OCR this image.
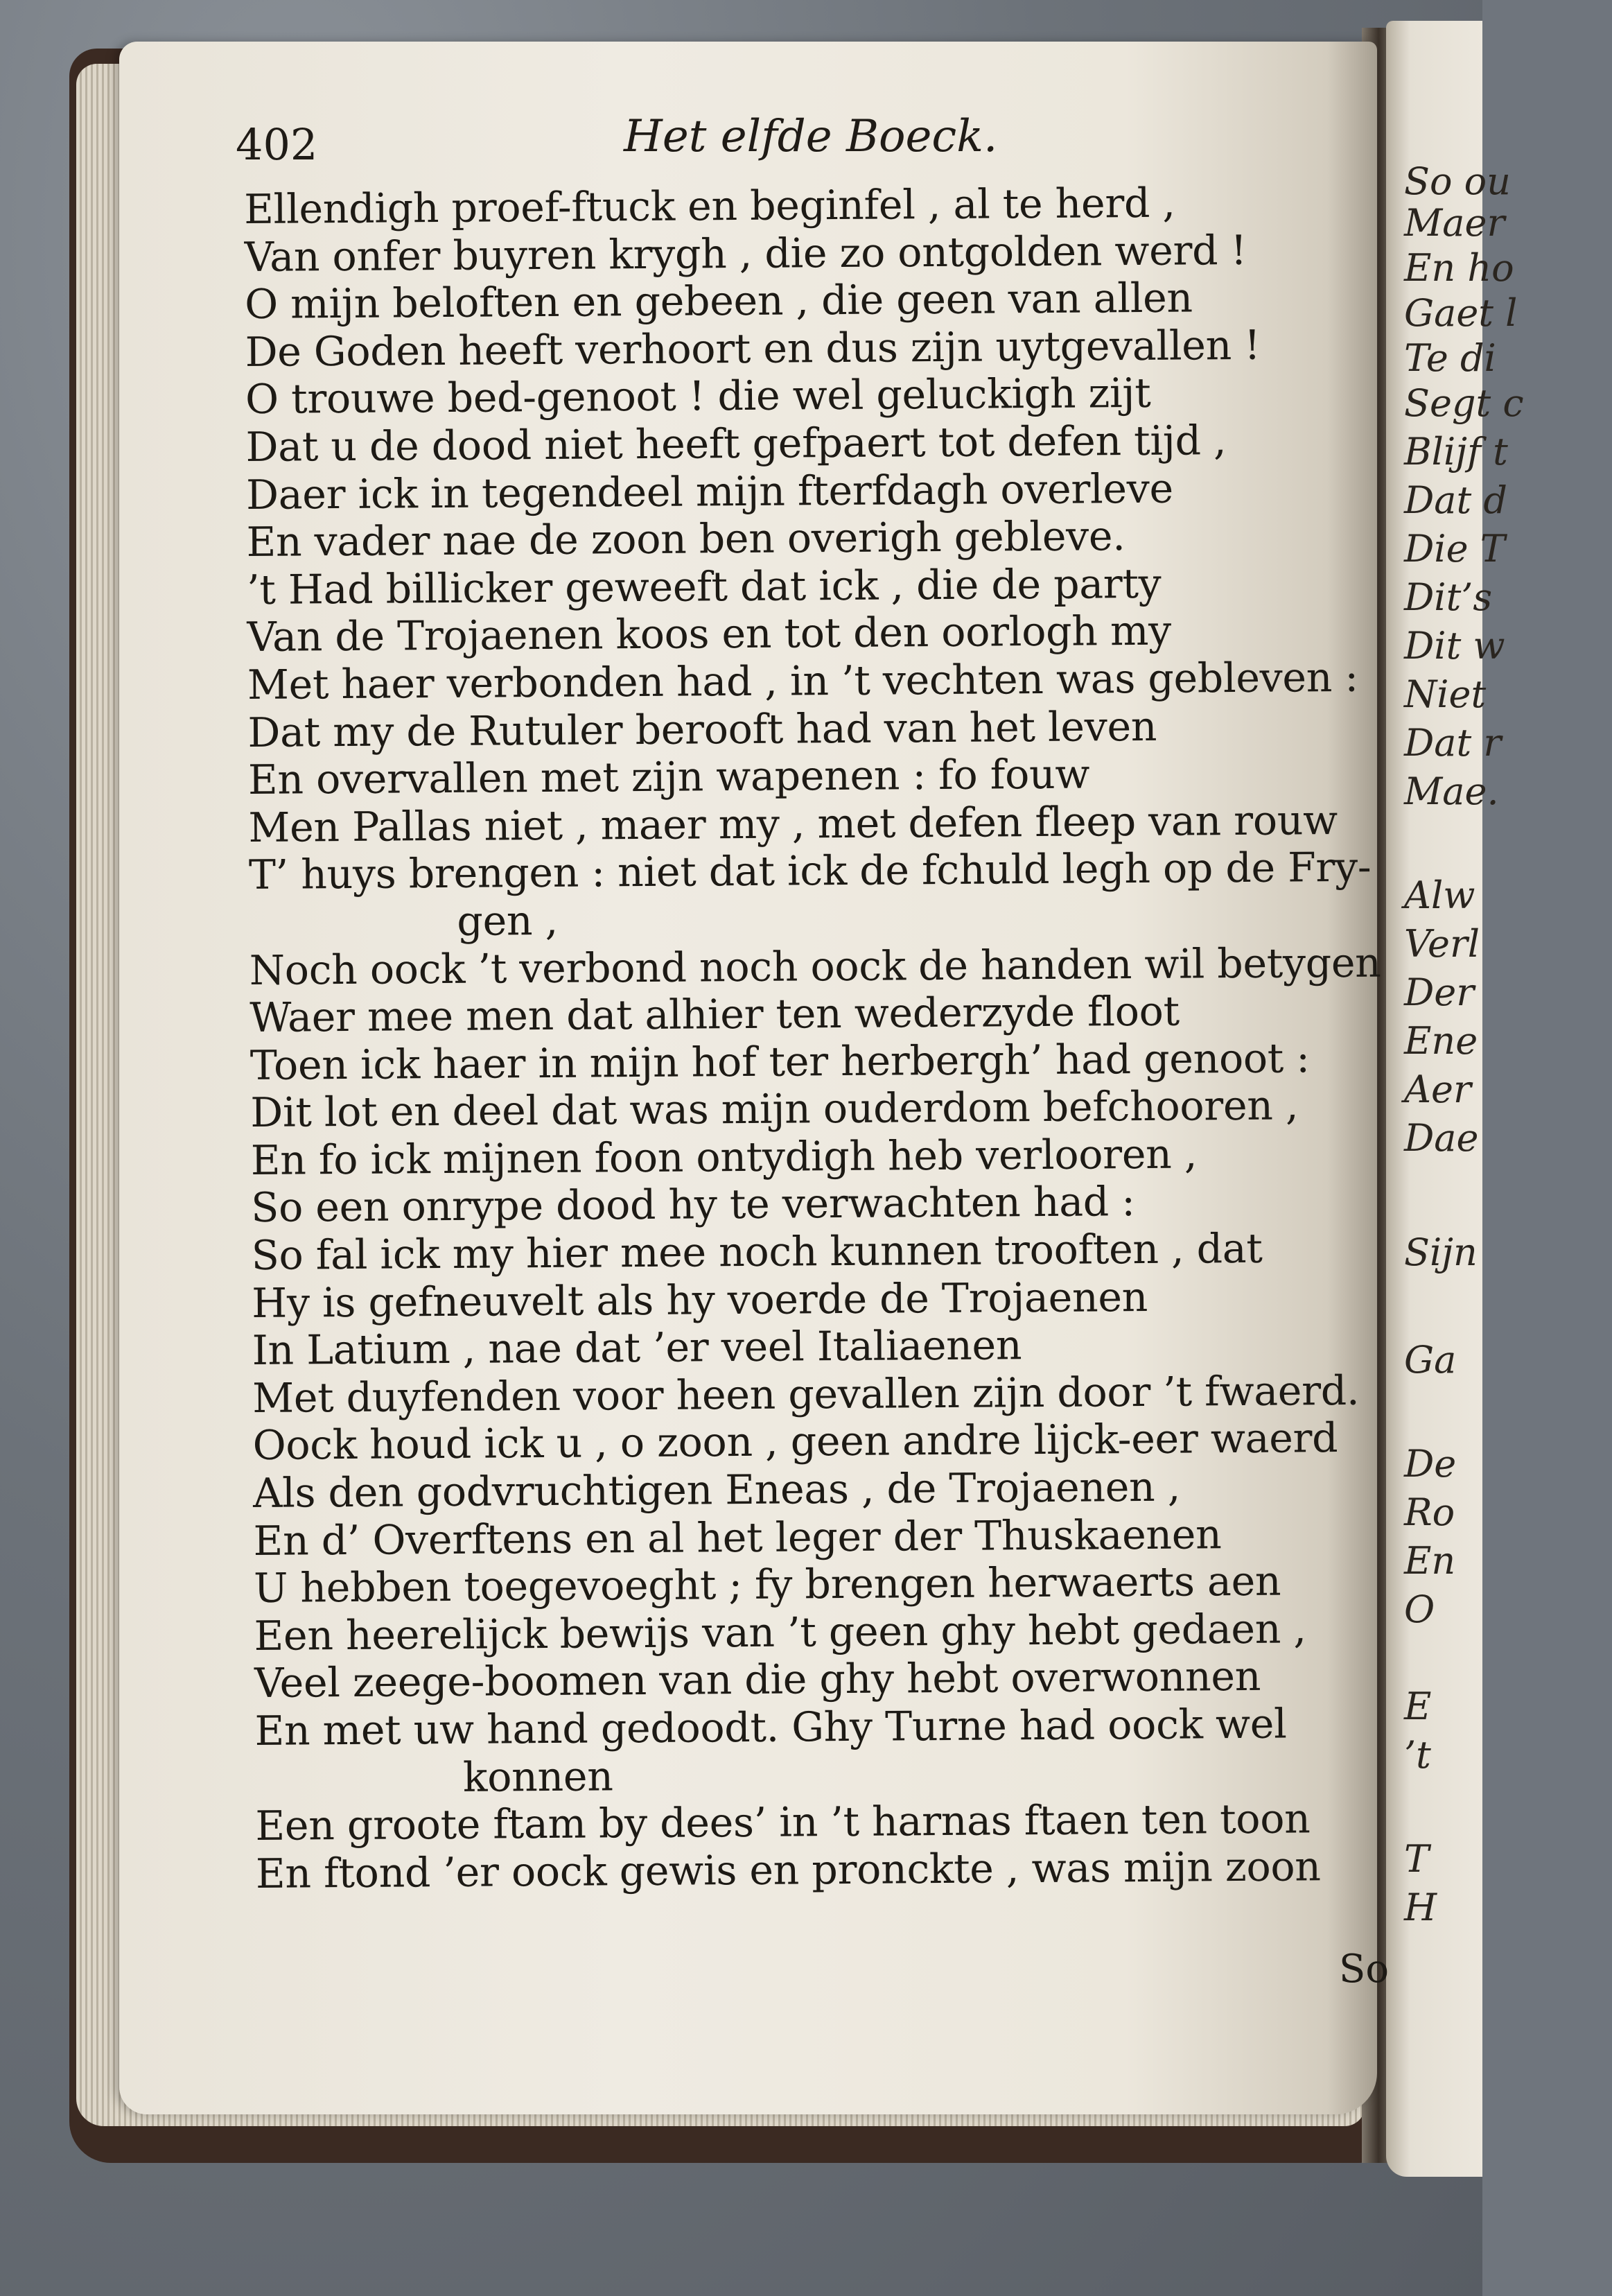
402	Het elfde Boeck.
Ellendigh proef-ftuck en beginfel , al te herd ,
Van onfer buyren krygh , die zo ontgolden werd !
O mijn beloften en gebeen , die geen van allen
De Goden heeft verhoort en dus zijn uytgevallen !
O trouwe bed-genoot ! die wel geluckigh zijt
Dat u de dood niet heeft gefpaert tot defen tijd ,
Daer ick in tegendeel mijn fterfdagh overleve
En vader nae de zoon ben overigh gebleve.
’t Had billicker geweeft dat ick , die de party
Van de Trojaenen koos en tot den oorlogh my
Met haer verbonden had , in ’t vechten was gebleven :
Dat my de Rutuler berooft had van het leven
En overvallen met zijn wapenen : fo fouw
Men Pallas niet , maer my , met defen fleep van rouw
T’ huys brengen : niet dat ick de fchuld legh op de Fry-
gen ,
Noch oock ’t verbond noch oock de handen wil betygen
Waer mee men dat alhier ten wederzyde floot
Toen ick haer in mijn hof ter herbergh’ had genoot :
Dit lot en deel dat was mijn ouderdom befchooren ,
En fo ick mijnen foon ontydigh heb verlooren ,
So een onrype dood hy te verwachten had :
So fal ick my hier mee noch kunnen trooften , dat
Hy is gefneuvelt als hy voerde de Trojaenen
In Latium , nae dat ’er veel Italiaenen
Met duyfenden voor heen gevallen zijn door ’t fwaerd.
Oock houd ick u , o zoon , geen andre lijck-eer waerd
Als den godvruchtigen Eneas , de Trojaenen ,
En d’ Overftens en al het leger der Thuskaenen
U hebben toegevoeght ; fy brengen herwaerts aen
Een heerelijck bewijs van ’t geen ghy hebt gedaen ,
Veel zeege-boomen van die ghy hebt overwonnen
En met uw hand gedoodt. Ghy Turne had oock wel
konnen
Een groote ftam by dees’ in ’t harnas ftaen ten toon
En ftond ’er oock gewis en pronckte , was mijn zoon
So
So ou
Maer
En ho
Gaet l
Te di
Segt c
Blijf t
Dat d
Die T
Dit’s
Dit w
Niet
Dat r
Mae.
Alw
Verl
Der
Ene
Aer
Dae
Sijn
Ga
De
Ro
En
O
E
’t
T
H
